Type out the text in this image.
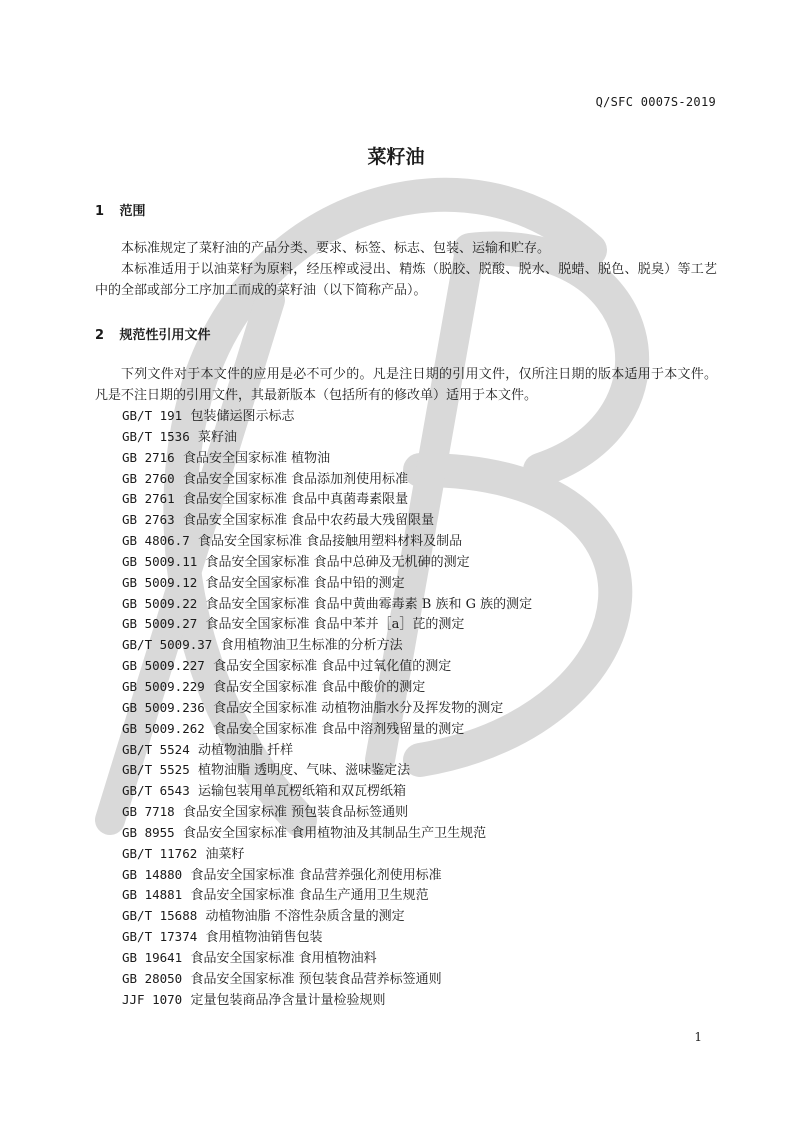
Q/SFC 0007S-2019
菜籽油
1 范围
本标准规定了菜籽油的产品分类、要求、标签、标志、包装、运输和贮存。
本标准适用于以油菜籽为原料，经压榨或浸出、精炼（脱胶、脱酸、脱水、脱蜡、脱色、脱臭）等工艺中的全部或部分工序加工而成的菜籽油（以下简称产品）。
2 规范性引用文件
下列文件对于本文件的应用是必不可少的。凡是注日期的引用文件，仅所注日期的版本适用于本文件。凡是不注日期的引用文件，其最新版本（包括所有的修改单）适用于本文件。
GB/T 191 包装储运图示标志
GB/T 1536 菜籽油
GB 2716 食品安全国家标准 植物油
GB 2760 食品安全国家标准 食品添加剂使用标准
GB 2761 食品安全国家标准 食品中真菌毒素限量
GB 2763 食品安全国家标准 食品中农药最大残留限量
GB 4806.7 食品安全国家标准 食品接触用塑料材料及制品
GB 5009.11 食品安全国家标准 食品中总砷及无机砷的测定
GB 5009.12 食品安全国家标准 食品中铅的测定
GB 5009.22 食品安全国家标准 食品中黄曲霉毒素 B 族和 G 族的测定
GB 5009.27 食品安全国家标准 食品中苯并［a］芘的测定
GB/T 5009.37 食用植物油卫生标准的分析方法
GB 5009.227 食品安全国家标准 食品中过氧化值的测定
GB 5009.229 食品安全国家标准 食品中酸价的测定
GB 5009.236 食品安全国家标准 动植物油脂水分及挥发物的测定
GB 5009.262 食品安全国家标准 食品中溶剂残留量的测定
GB/T 5524 动植物油脂 扦样
GB/T 5525 植物油脂 透明度、气味、滋味鉴定法
GB/T 6543 运输包装用单瓦楞纸箱和双瓦楞纸箱
GB 7718 食品安全国家标准 预包装食品标签通则
GB 8955 食品安全国家标准 食用植物油及其制品生产卫生规范
GB/T 11762 油菜籽
GB 14880 食品安全国家标准 食品营养强化剂使用标准
GB 14881 食品安全国家标准 食品生产通用卫生规范
GB/T 15688 动植物油脂 不溶性杂质含量的测定
GB/T 17374 食用植物油销售包装
GB 19641 食品安全国家标准 食用植物油料
GB 28050 食品安全国家标准 预包装食品营养标签通则
JJF 1070 定量包装商品净含量计量检验规则
1
